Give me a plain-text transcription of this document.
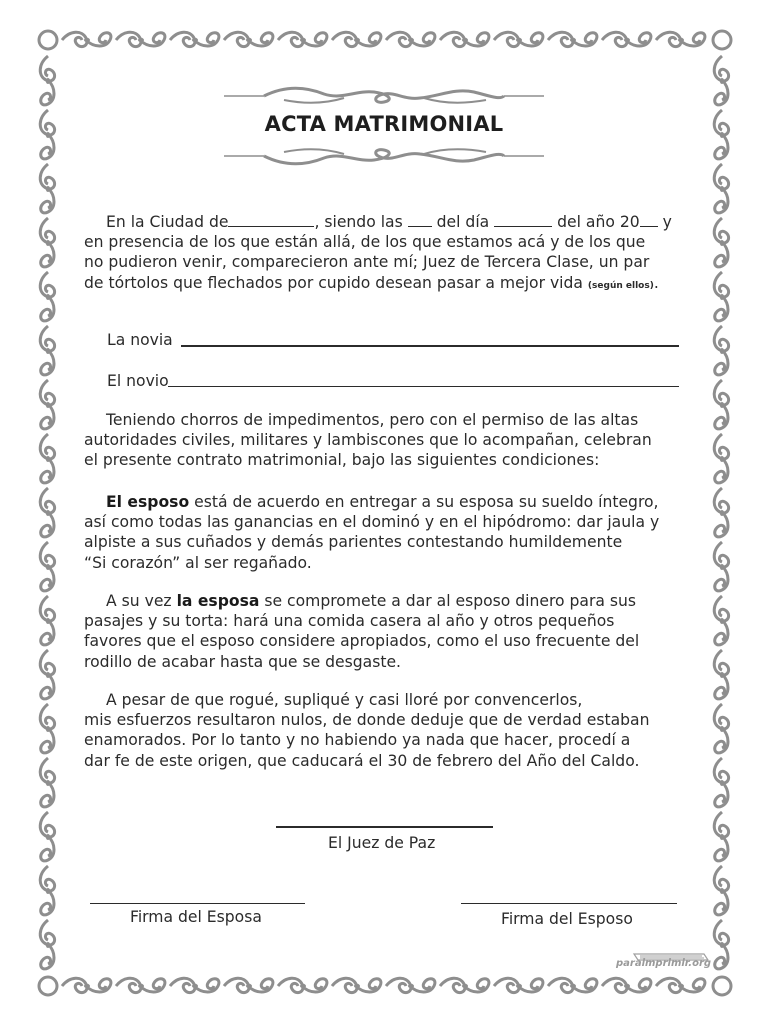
ACTA MATRIMONIAL
En la Ciudad de	, siendo las  del día	del año 20 y
en presencia de los que están allá, de los que estamos acá y de los que
no pudieron venir, comparecieron ante mí; Juez de Tercera Clase, un par
de tórtolos que flechados por cupido desean pasar a mejor vida (según ellos).
La novia
El novio
Teniendo chorros de impedimentos, pero con el permiso de las altas
autoridades civiles, militares y lambiscones que lo acompañan, celebran
el presente contrato matrimonial, bajo las siguientes condiciones:
El esposo está de acuerdo en entregar a su esposa su sueldo íntegro,
así como todas las ganancias en el dominó y en el hipódromo: dar jaula y
alpiste a sus cuñados y demás parientes contestando humildemente
“Si corazón” al ser regañado.
A su vez la esposa se compromete a dar al esposo dinero para sus
pasajes y su torta: hará una comida casera al año y otros pequeños
favores que el esposo considere apropiados, como el uso frecuente del
rodillo de acabar hasta que se desgaste.
A pesar de que rogué, supliqué y casi lloré por convencerlos,
mis esfuerzos resultaron nulos, de donde deduje que de verdad estaban
enamorados. Por lo tanto y no habiendo ya nada que hacer, procedí a
dar fe de este origen, que caducará el 30 de febrero del Año del Caldo.
El Juez de Paz
Firma del Esposa	Firma del Esposo
paraimprimir.org
